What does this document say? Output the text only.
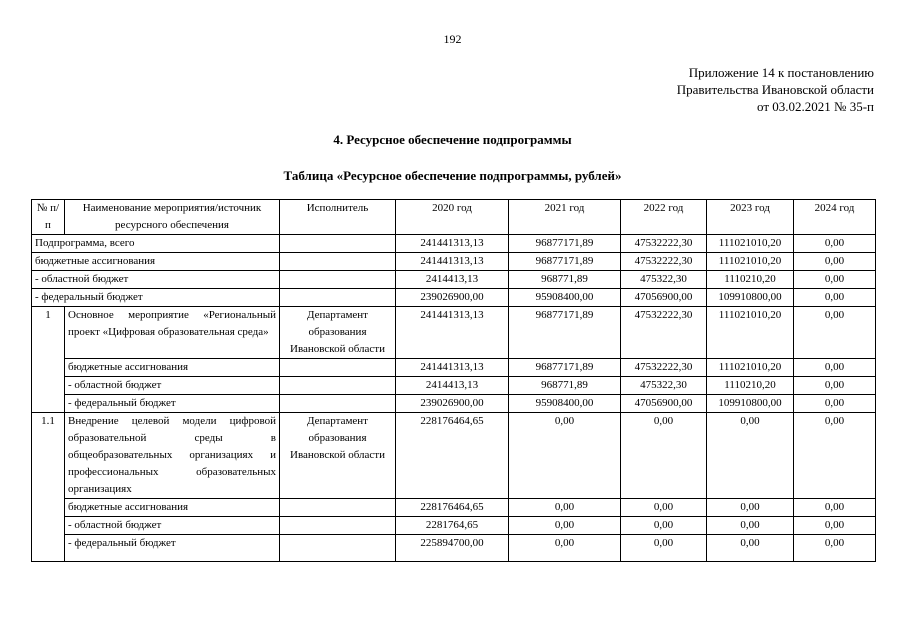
192
Приложение 14 к постановлению
Правительства Ивановской области
от 03.02.2021 № 35-п
4. Ресурсное обеспечение подпрограммы
Таблица «Ресурсное обеспечение подпрограммы, рублей»
№ п/п	Наименование мероприятия/источник ресурсного обеспечения	Исполнитель	2020 год	2021 год	2022 год	2023 год	2024 год
Подпрограмма, всего			241441313,13	96877171,89	47532222,30	111021010,20	0,00
бюджетные ассигнования			241441313,13	96877171,89	47532222,30	111021010,20	0,00
- областной бюджет			2414413,13	968771,89	475322,30	1110210,20	0,00
- федеральный бюджет			239026900,00	95908400,00	47056900,00	109910800,00	0,00
1	Основное мероприятие «Региональный проект «Цифровая образовательная среда»	Департамент образования Ивановской области	241441313,13	96877171,89	47532222,30	111021010,20	0,00
	бюджетные ассигнования		241441313,13	96877171,89	47532222,30	111021010,20	0,00
	- областной бюджет		2414413,13	968771,89	475322,30	1110210,20	0,00
	- федеральный бюджет		239026900,00	95908400,00	47056900,00	109910800,00	0,00
1.1	Внедрение целевой модели цифровой образовательной среды в общеобразовательных организациях и профессиональных образовательных организациях	Департамент образования Ивановской области	228176464,65	0,00	0,00	0,00	0,00
	бюджетные ассигнования		228176464,65	0,00	0,00	0,00	0,00
	- областной бюджет		2281764,65	0,00	0,00	0,00	0,00
	- федеральный бюджет		225894700,00	0,00	0,00	0,00	0,00
